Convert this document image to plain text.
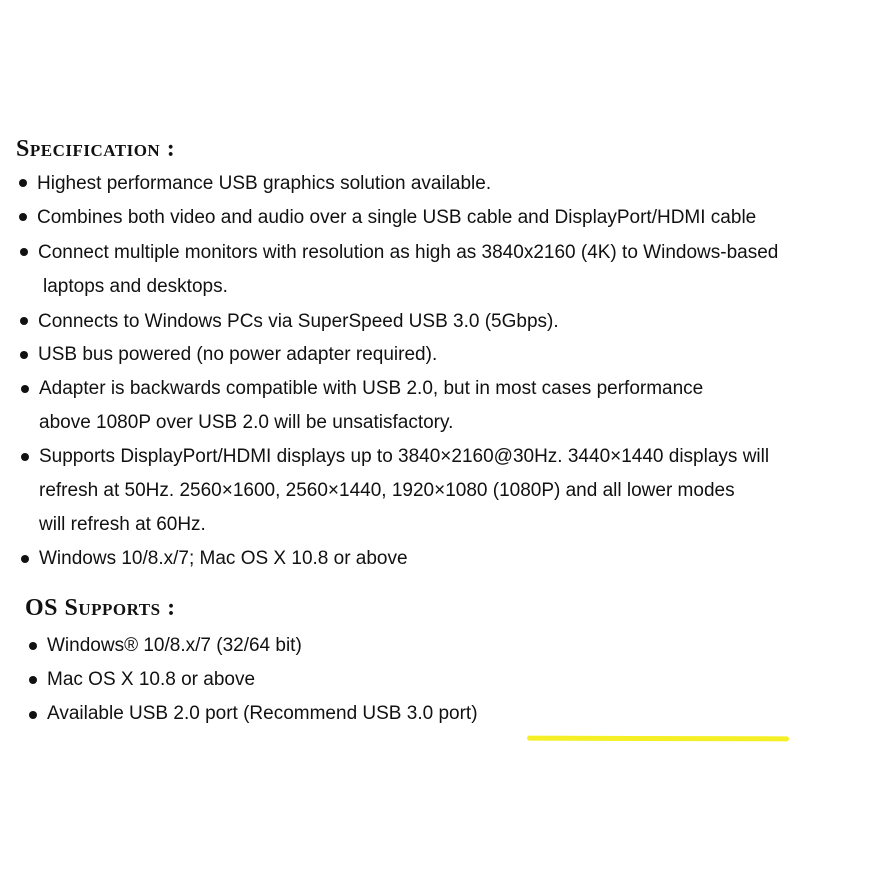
Specification :
Highest performance USB graphics solution available.
Combines both video and audio over a single USB cable and DisplayPort/HDMI cable
Connect multiple monitors with resolution as high as 3840x2160 (4K) to Windows-based
laptops and desktops.
Connects to Windows PCs via SuperSpeed USB 3.0 (5Gbps).
USB bus powered (no power adapter required).
Adapter is backwards compatible with USB 2.0, but in most cases performance
above 1080P over USB 2.0 will be unsatisfactory.
Supports DisplayPort/HDMI displays up to 3840×2160@30Hz. 3440×1440 displays will
refresh at 50Hz. 2560×1600, 2560×1440, 1920×1080 (1080P) and all lower modes
will refresh at 60Hz.
Windows 10/8.x/7; Mac OS X 10.8 or above
OS Supports :
Windows® 10/8.x/7 (32/64 bit)
Mac OS X 10.8 or above
Available USB 2.0 port (Recommend USB 3.0 port)
